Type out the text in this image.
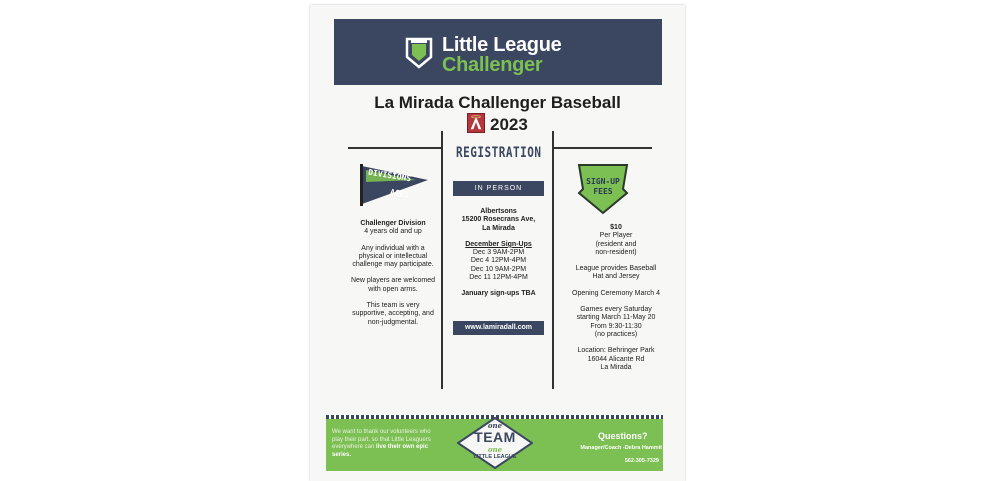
Little League
Challenger
La Mirada Challenger Baseball
2023
DIVISIONS
AGES

Challenger Division
4 years old and up

Any individual with a physical or intellectual challenge may participate.

New players are welcomed with open arms.

This team is very supportive, accepting, and non-judgmental.

REGISTRATION
IN PERSON

Albertsons
15200 Rosecrans Ave,
La Mirada

December Sign-Ups
Dec 3 9AM-2PM
Dec 4 12PM-4PM
Dec 10 9AM-2PM
Dec 11 12PM-4PM

January sign-ups TBA

www.lamiradall.com
SIGN-UP
FEES

$10
Per Player
(resident and
non-resident)

League provides Baseball
Hat and Jersey

Opening Ceremony March 4

Games every Saturday
starting March 11-May 20
From 9:30-11:30
(no practices)

Location: Behringer Park
16044 Alicante Rd
La Mirada

We want to thank our volunteers who play their part, so that Little Leaguers everywhere can live their own epic series.
one
TEAM
one
LITTLE LEAGUE
Questions?
Manager/Coach -Debra Hammit
562-305-7329
